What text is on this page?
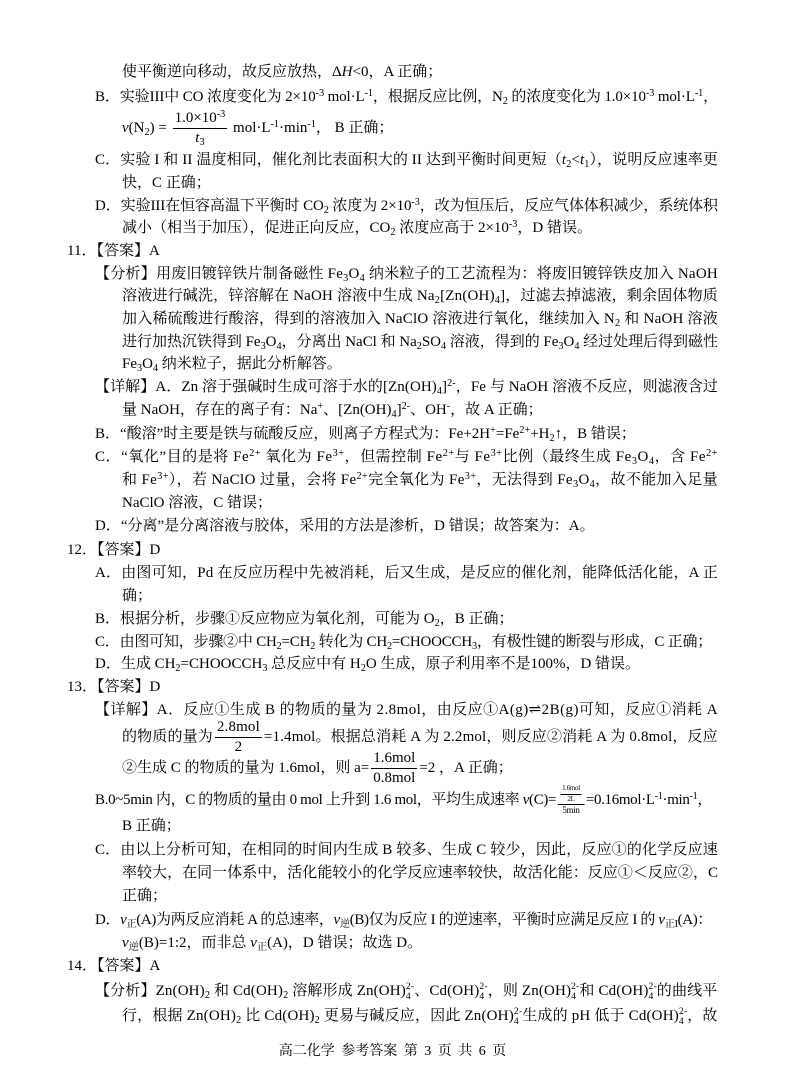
高二化学 参考答案 第 3 页 共 6 页
使平衡逆向移动，故反应放热，ΔH<0，A 正确；
B．实验III中 CO 浓度变化为 $2\times 10^{-3}$ $mol\cdot L^{-1}$，根据反应比例，$N_2$ 的浓度变化为 $1.0\times 10^{-3}$ $mol\cdot L^{-1}$，
$v(N_2) = \frac{1.0\times 10^{-3}}{t_3} mol\cdot L^{-1}\cdot\min^{-1}$， B 正确；
C．实验 I 和 II 温度相同，催化剂比表面积大的 II 达到平衡时间更短$(t_2<t_1)$，说明反应速率更
快，C 正确；
D．实验III在恒容高温下平衡时 $CO_2$ 浓度为 $2\times 10^{-3}$，改为恒压后，反应气体体积减少，系统体积
减小（相当于加压），促进正向反应，$CO_2$ 浓度应高于 $2\times 10^{-3}$，D 错误。
11．【答案】A
【分析】用废旧镀锌铁片制备磁性 $Fe_3O_4$ 纳米粒子的工艺流程为：将废旧镀锌铁皮加入 NaOH
溶液进行碱洗，锌溶解在 NaOH 溶液中生成 $Na_2[Zn(OH)_4]$，过滤去掉滤液，剩余固体物质
加入稀硫酸进行酸溶，得到的溶液加入 NaClO 溶液进行氧化，继续加入 $N_2$ 和 NaOH 溶液
进行加热沉铁得到 $Fe_3O_4$，分离出 NaCl 和 $Na_2SO_4$ 溶液，得到的 $Fe_3O_4$ 经过处理后得到磁性
$Fe_3O_4$ 纳米粒子，据此分析解答。
【详解】A．Zn 溶于强碱时生成可溶于水的$[Zn(OH)_4]^{2-}$，Fe 与 NaOH 溶液不反应，则滤液含过
量 NaOH，存在的离子有：Na+、$[Zn(OH)_4]^{2-}$、OH-，故 A 正确；
B．“酸溶”时主要是铁与硫酸反应，则离子方程式为：$Fe+2H^+=Fe^{2+}+H_2↑$，B 错误；
C．“氧化”目的是将 $Fe^{2+}$ 氧化为 $Fe^{3+}$，但需控制 $Fe^{2+}$与 $Fe^{3+}$比例（最终生成 $Fe_3O_4$，含 $Fe^{2+}$
和 $Fe^{3+}$），若 NaClO 过量，会将 $Fe^{2+}$完全氧化为 $Fe^{3+}$，无法得到 $Fe_3O_4$，故不能加入足量
NaClO 溶液，C 错误；
D．“分离”是分离溶液与胶体，采用的方法是渗析，D 错误；故答案为：A。
12．【答案】D
A．由图可知，Pd 在反应历程中先被消耗，后又生成，是反应的催化剂，能降低活化能，A 正
确；
B．根据分析，步骤①反应物应为氧化剂，可能为 $O_2$，B 正确；
C．由图可知，步骤②中 $CH_2=CH_2$ 转化为 $CH_2=CHOOCCH_3$，有极性键的断裂与形成，C 正确；
D．生成 $CH_2=CHOOCCH_3$ 总反应中有 $H_2O$ 生成，原子利用率不是100%，D 错误。
13．【答案】D
【详解】A．反应①生成 B 的物质的量为 2.8mol，由反应①A(g)⇌2B(g)可知，反应①消耗 A
的物质的量为 $\frac{\text{2.8mol}}{2} =1.4mol$。根据总消耗 A 为 2.2mol，则反应②消耗 A 为 0.8mol，反应
②生成 C 的物质的量为 1.6mol，则 $a= \frac{\text{1.6mol}}{\text{0.8mol}} =2$ ，A 正确；
B.0~5min 内，C 的物质的量由 0 mol 上升到 1.6 mol，平均生成速率 $v(C)= \frac{\frac{\text{1.6mol}}{2L}}{5\min} =0.16mol\cdot L^{-1}\cdot\min^{-1}$，
B 正确；
C．由以上分析可知，在相同的时间内生成 B 较多、生成 C 较少，因此，反应①的化学反应速
率较大，在同一体系中，活化能较小的化学反应速率较快，故活化能：反应①＜反应②，C
正确；
D．$v_正(A)$为两反应消耗 A 的总速率，$v_逆(B)$仅为反应 I 的逆速率，平衡时应满足反应 I 的 $v_{正I}(A)$：
$v_逆(B)=1:2$，而非总 $v_正(A)$，D 错误；故选 D。
14．【答案】A
【分析】$Zn(OH)_2$ 和 $Cd(OH)_2$ 溶解形成 Zn(OH) 2-
4 、Cd(OH) 2-
4 ，则 Zn(OH) 2-
4 和 Cd(OH) 2-
4 的曲线平
行，根据 $Zn(OH)_2$ 比 $Cd(OH)_2$ 更易与碱反应，因此 Zn(OH) 2-
4 生成的 pH 低于 Cd(OH) 2-
4 ，故
